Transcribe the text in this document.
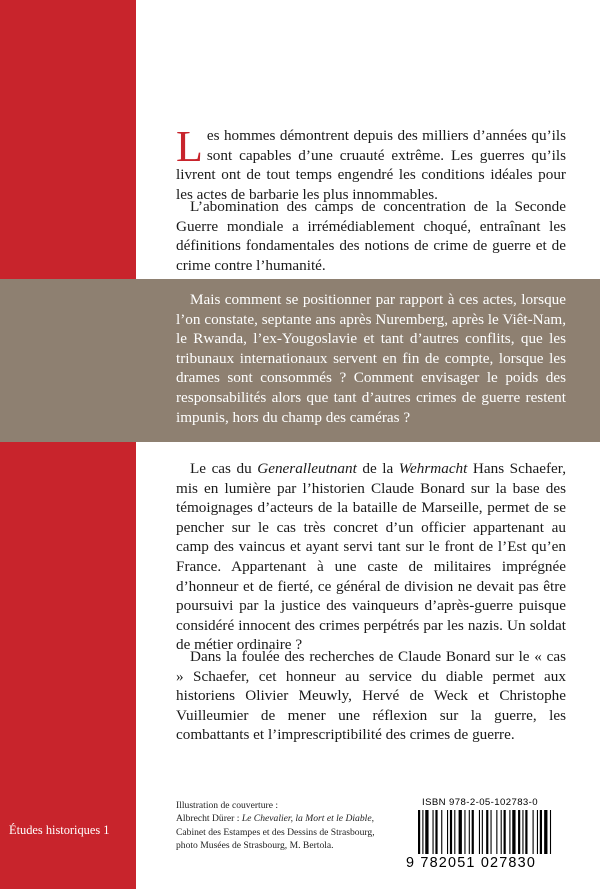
Les hommes démontrent depuis des milliers d’années qu’ils sont capables d’une cruauté extrême. Les guerres qu’ils livrent ont de tout temps engendré les conditions idéales pour les actes de barbarie les plus innommables.

L’abomination des camps de concentration de la Seconde Guerre mondiale a irrémédiablement choqué, entraînant les définitions fondamentales des notions de crime de guerre et de crime contre l’humanité.

Mais comment se positionner par rapport à ces actes, lorsque l’on constate, septante ans après Nuremberg, après le Viêt-Nam, le Rwanda, l’ex-Yougoslavie et tant d’autres conflits, que les tribunaux internationaux servent en fin de compte, lorsque les drames sont consommés ? Comment envisager le poids des responsabilités alors que tant d’autres crimes de guerre restent impunis, hors du champ des caméras ?

Le cas du Generalleutnant de la Wehrmacht Hans Schaefer, mis en lumière par l’historien Claude Bonard sur la base des témoignages d’acteurs de la bataille de Marseille, permet de se pencher sur le cas très concret d’un officier appartenant au camp des vaincus et ayant servi tant sur le front de l’Est qu’en France. Appartenant à une caste de militaires imprégnée d’honneur et de fierté, ce général de division ne devait pas être poursuivi par la justice des vainqueurs d’après-guerre puisque considéré innocent des crimes perpétrés par les nazis. Un soldat de métier ordinaire ?

Dans la foulée des recherches de Claude Bonard sur le « cas » Schaefer, cet honneur au service du diable permet aux historiens Olivier Meuwly, Hervé de Weck et Christophe Vuilleumier de mener une réflexion sur la guerre, les combattants et l’imprescriptibilité des crimes de guerre.

Illustration de couverture :
Albrecht Dürer : Le Chevalier, la Mort et le Diable,
Cabinet des Estampes et des Dessins de Strasbourg,
photo Musées de Strasbourg, M. Bertola.
Études historiques 1
ISBN 978-2-05-102783-0
9 782051 027830
